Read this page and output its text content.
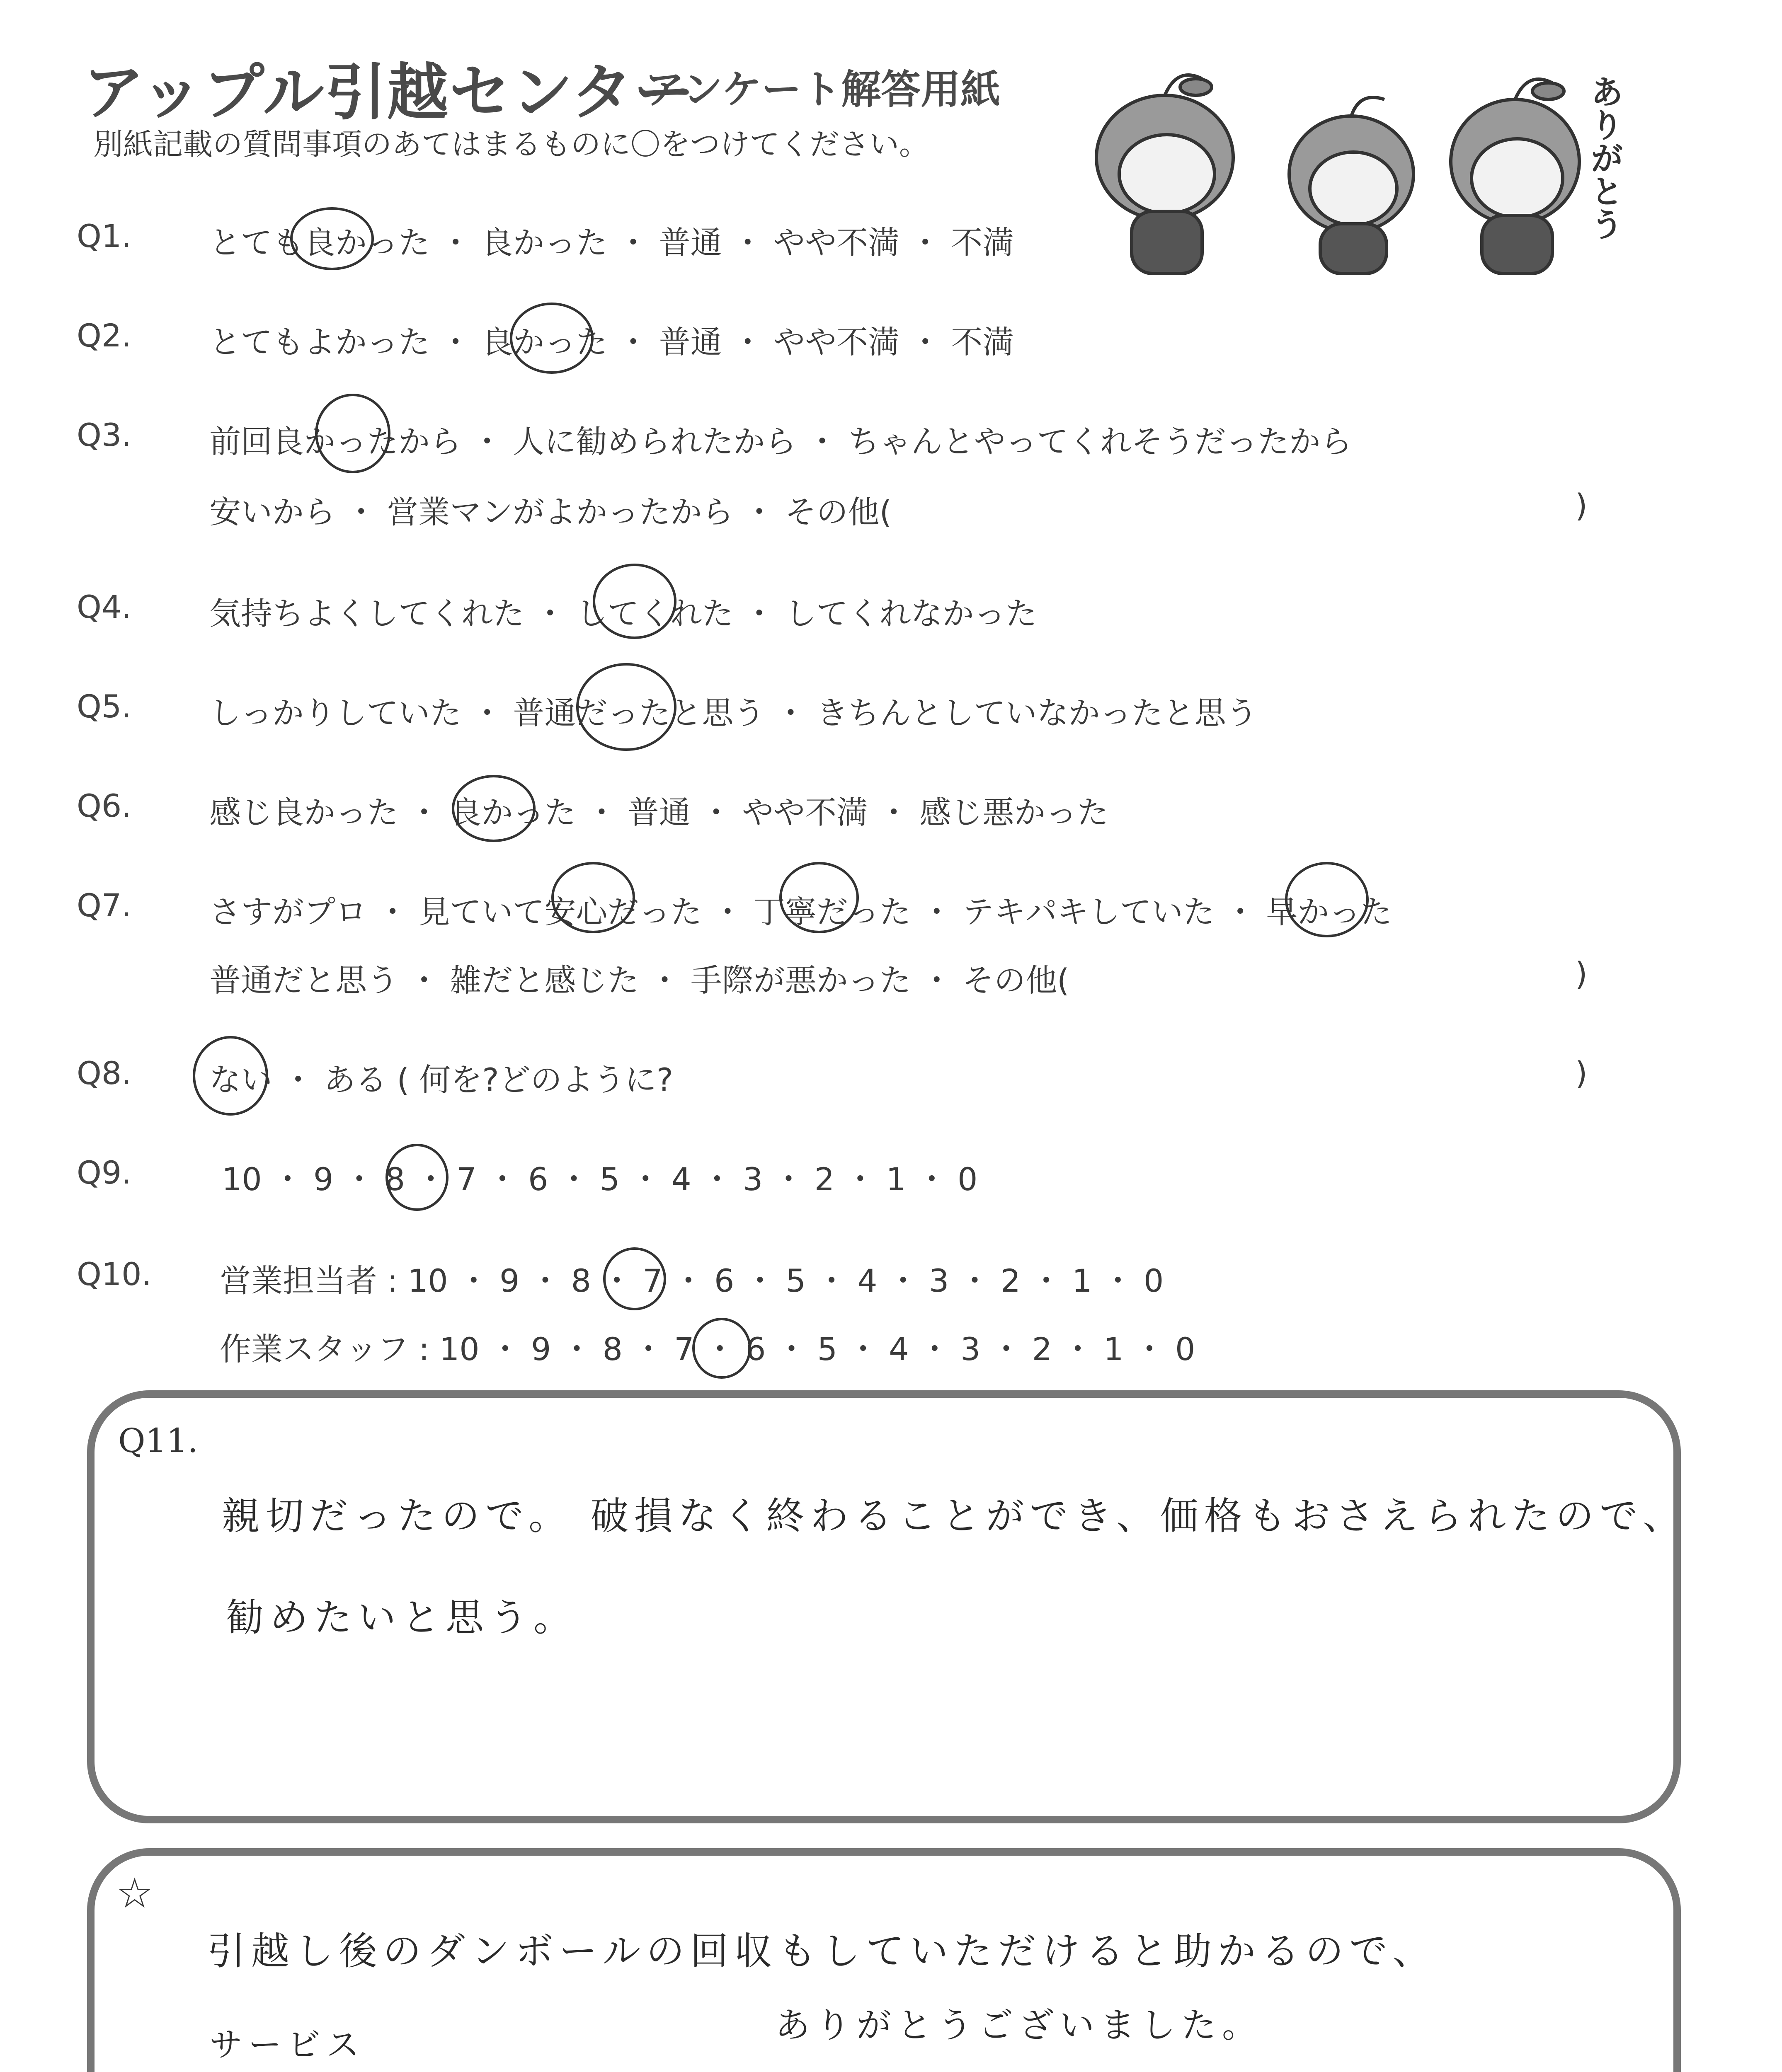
アップル引越センター
アンケート解答用紙
別紙記載の質問事項のあてはまるものに〇をつけてください。	ありがとう
Q1. とても良かった ・ 良かった ・ 普通 ・ やや不満 ・ 不満
Q2. とてもよかった ・ 良かった ・ 普通 ・ やや不満 ・ 不満
Q3. 前回良かったから ・ 人に勧められたから ・ ちゃんとやってくれそうだったから
安いから ・ 営業マンがよかったから ・ その他(	)
Q4. 気持ちよくしてくれた ・ してくれた ・ してくれなかった
Q5. しっかりしていた ・ 普通だったと思う ・ きちんとしていなかったと思う
Q6. 感じ良かった ・ 良かった ・ 普通 ・ やや不満 ・ 感じ悪かった
Q7. さすがプロ ・ 見ていて安心だった ・ 丁寧だった ・ テキパキしていた ・ 早かった
普通だと思う ・ 雑だと感じた ・ 手際が悪かった ・ その他(	)
Q8. ない ・ ある ( 何を?どのように?	)
Q9.	10 ・ 9 ・ 8 ・ 7 ・ 6 ・ 5 ・ 4 ・ 3 ・ 2 ・ 1 ・ 0
Q10. 営業担当者 : 10 ・ 9 ・ 8 ・ 7 ・ 6 ・ 5 ・ 4 ・ 3 ・ 2 ・ 1 ・ 0
作業スタッフ : 10 ・ 9 ・ 8 ・ 7 ・ 6 ・ 5 ・ 4 ・ 3 ・ 2 ・ 1 ・ 0
Q11.
親切だったので。 破損なく終わることができ、価格もおさえられたので、
勧めたいと思う。
☆
引越し後のダンボールの回収もしていただけると助かるので、
サービス	ありがとうございました。
